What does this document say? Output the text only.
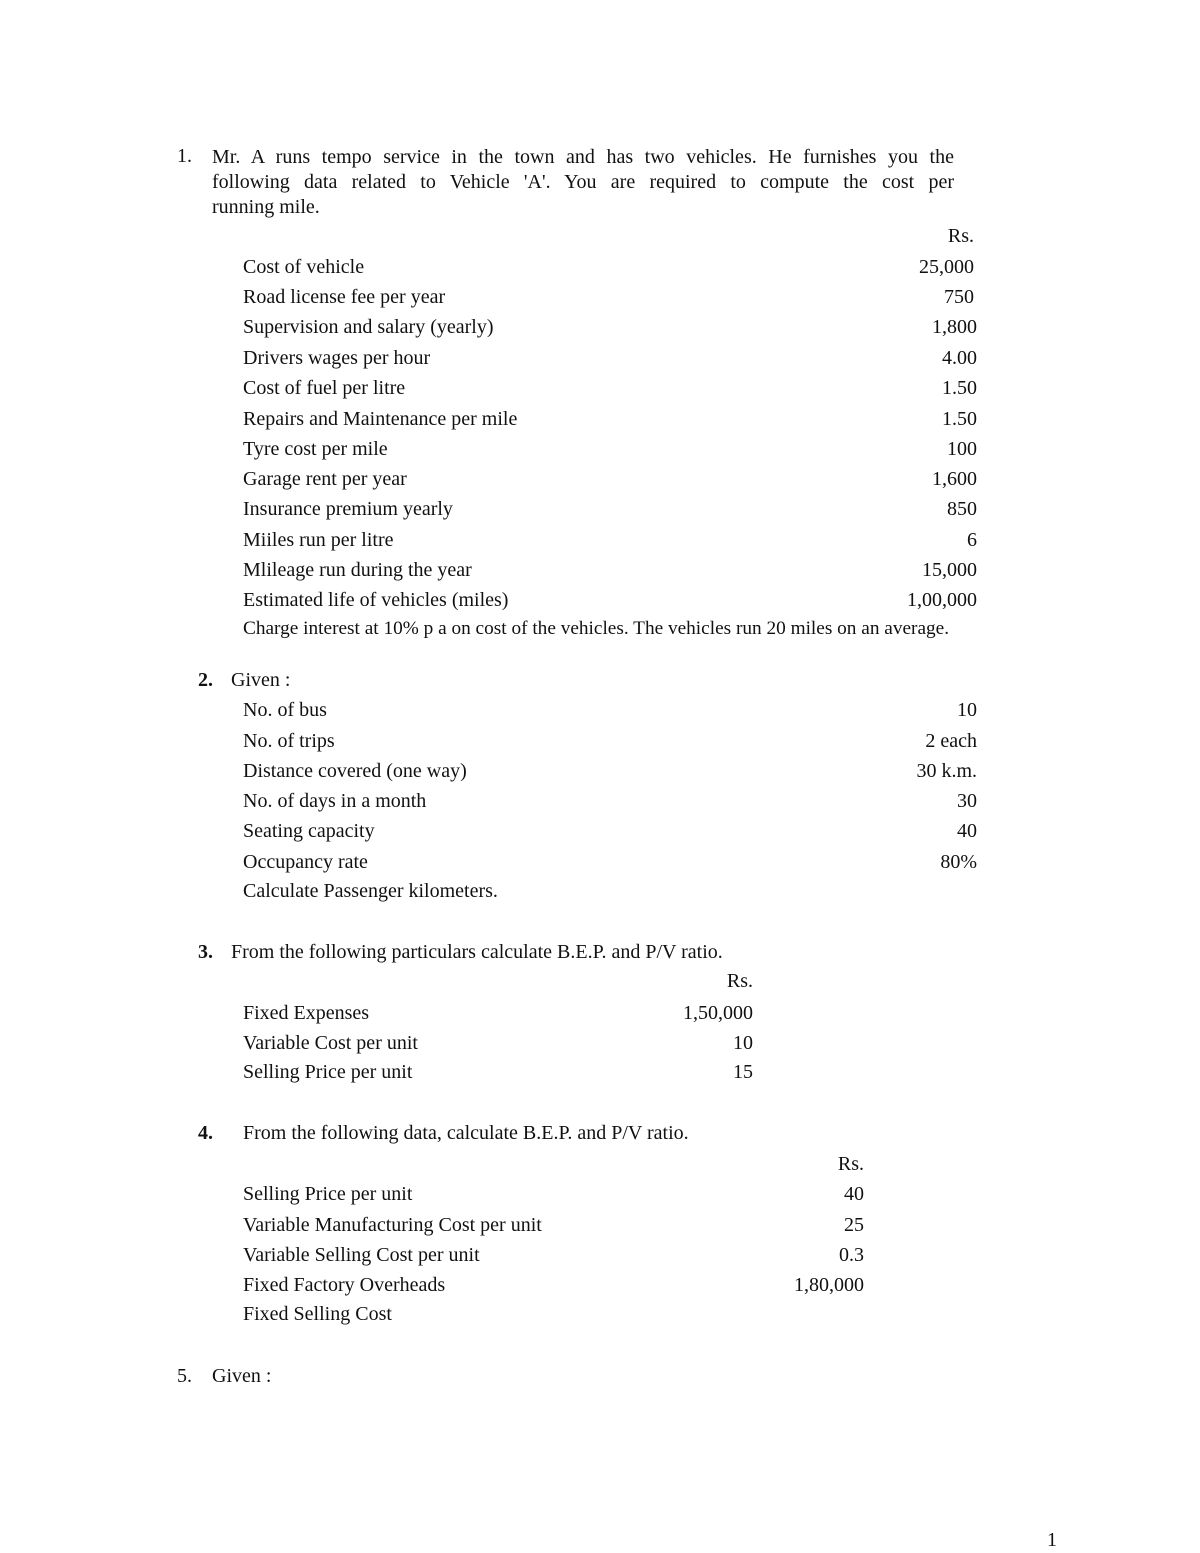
1. Mr. A runs tempo service in the town and has two vehicles. He furnishes you the
following data related to Vehicle 'A'. You are required to compute the cost per
running mile.
Rs.
Cost of vehicle	25,000
Road license fee per year	750
Supervision and salary (yearly)	1,800
Drivers wages per hour	4.00
Cost of fuel per litre	1.50
Repairs and Maintenance per mile	1.50
Tyre cost per mile	100
Garage rent per year	1,600
Insurance premium yearly	850
Miiles run per litre	6
Mlileage run during the year	15,000
Estimated life of vehicles (miles)	1,00,000
Charge interest at 10% p a on cost of the vehicles. The vehicles run 20 miles on an average.
2. Given :
No. of bus	10
No. of trips	2 each
Distance covered (one way)	30 k.m.
No. of days in a month	30
Seating capacity	40
Occupancy rate	80%
Calculate Passenger kilometers.
3. From the following particulars calculate B.E.P. and P/V ratio.
Rs.
Fixed Expenses	1,50,000
Variable Cost per unit	10
Selling Price per unit	15
4. From the following data, calculate B.E.P. and P/V ratio.
Rs.
Selling Price per unit	40
Variable Manufacturing Cost per unit	25
Variable Selling Cost per unit	0.3
Fixed Factory Overheads	1,80,000
Fixed Selling Cost
5. Given :
1
